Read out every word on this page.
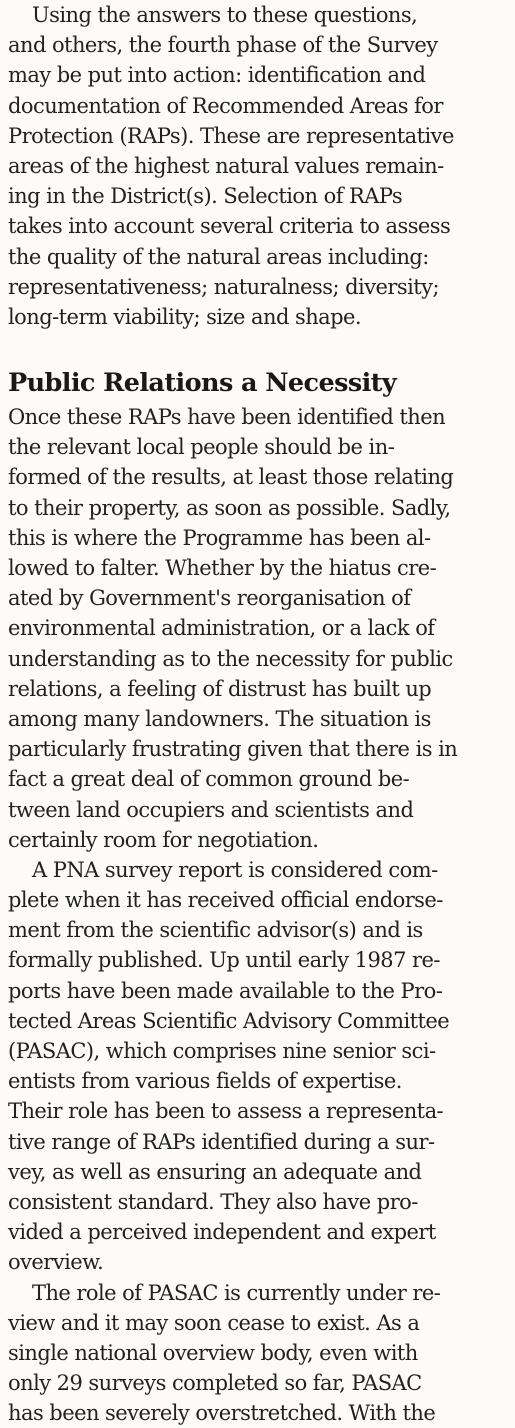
Using the answers to these questions,
and others, the fourth phase of the Survey
may be put into action: identification and
documentation of Recommended Areas for
Protection (RAPs). These are representative
areas of the highest natural values remain-
ing in the District(s). Selection of RAPs
takes into account several criteria to assess
the quality of the natural areas including:
representativeness; naturalness; diversity;
long-term viability; size and shape.
Public Relations a Necessity
Once these RAPs have been identified then
the relevant local people should be in-
formed of the results, at least those relating
to their property, as soon as possible. Sadly,
this is where the Programme has been al-
lowed to falter. Whether by the hiatus cre-
ated by Government's reorganisation of
environmental administration, or a lack of
understanding as to the necessity for public
relations, a feeling of distrust has built up
among many landowners. The situation is
particularly frustrating given that there is in
fact a great deal of common ground be-
tween land occupiers and scientists and
certainly room for negotiation.
A PNA survey report is considered com-
plete when it has received official endorse-
ment from the scientific advisor(s) and is
formally published. Up until early 1987 re-
ports have been made available to the Pro-
tected Areas Scientific Advisory Committee
(PASAC), which comprises nine senior sci-
entists from various fields of expertise.
Their role has been to assess a representa-
tive range of RAPs identified during a sur-
vey, as well as ensuring an adequate and
consistent standard. They also have pro-
vided a perceived independent and expert
overview.
The role of PASAC is currently under re-
view and it may soon cease to exist. As a
single national overview body, even with
only 29 surveys completed so far, PASAC
has been severely overstretched. With the
